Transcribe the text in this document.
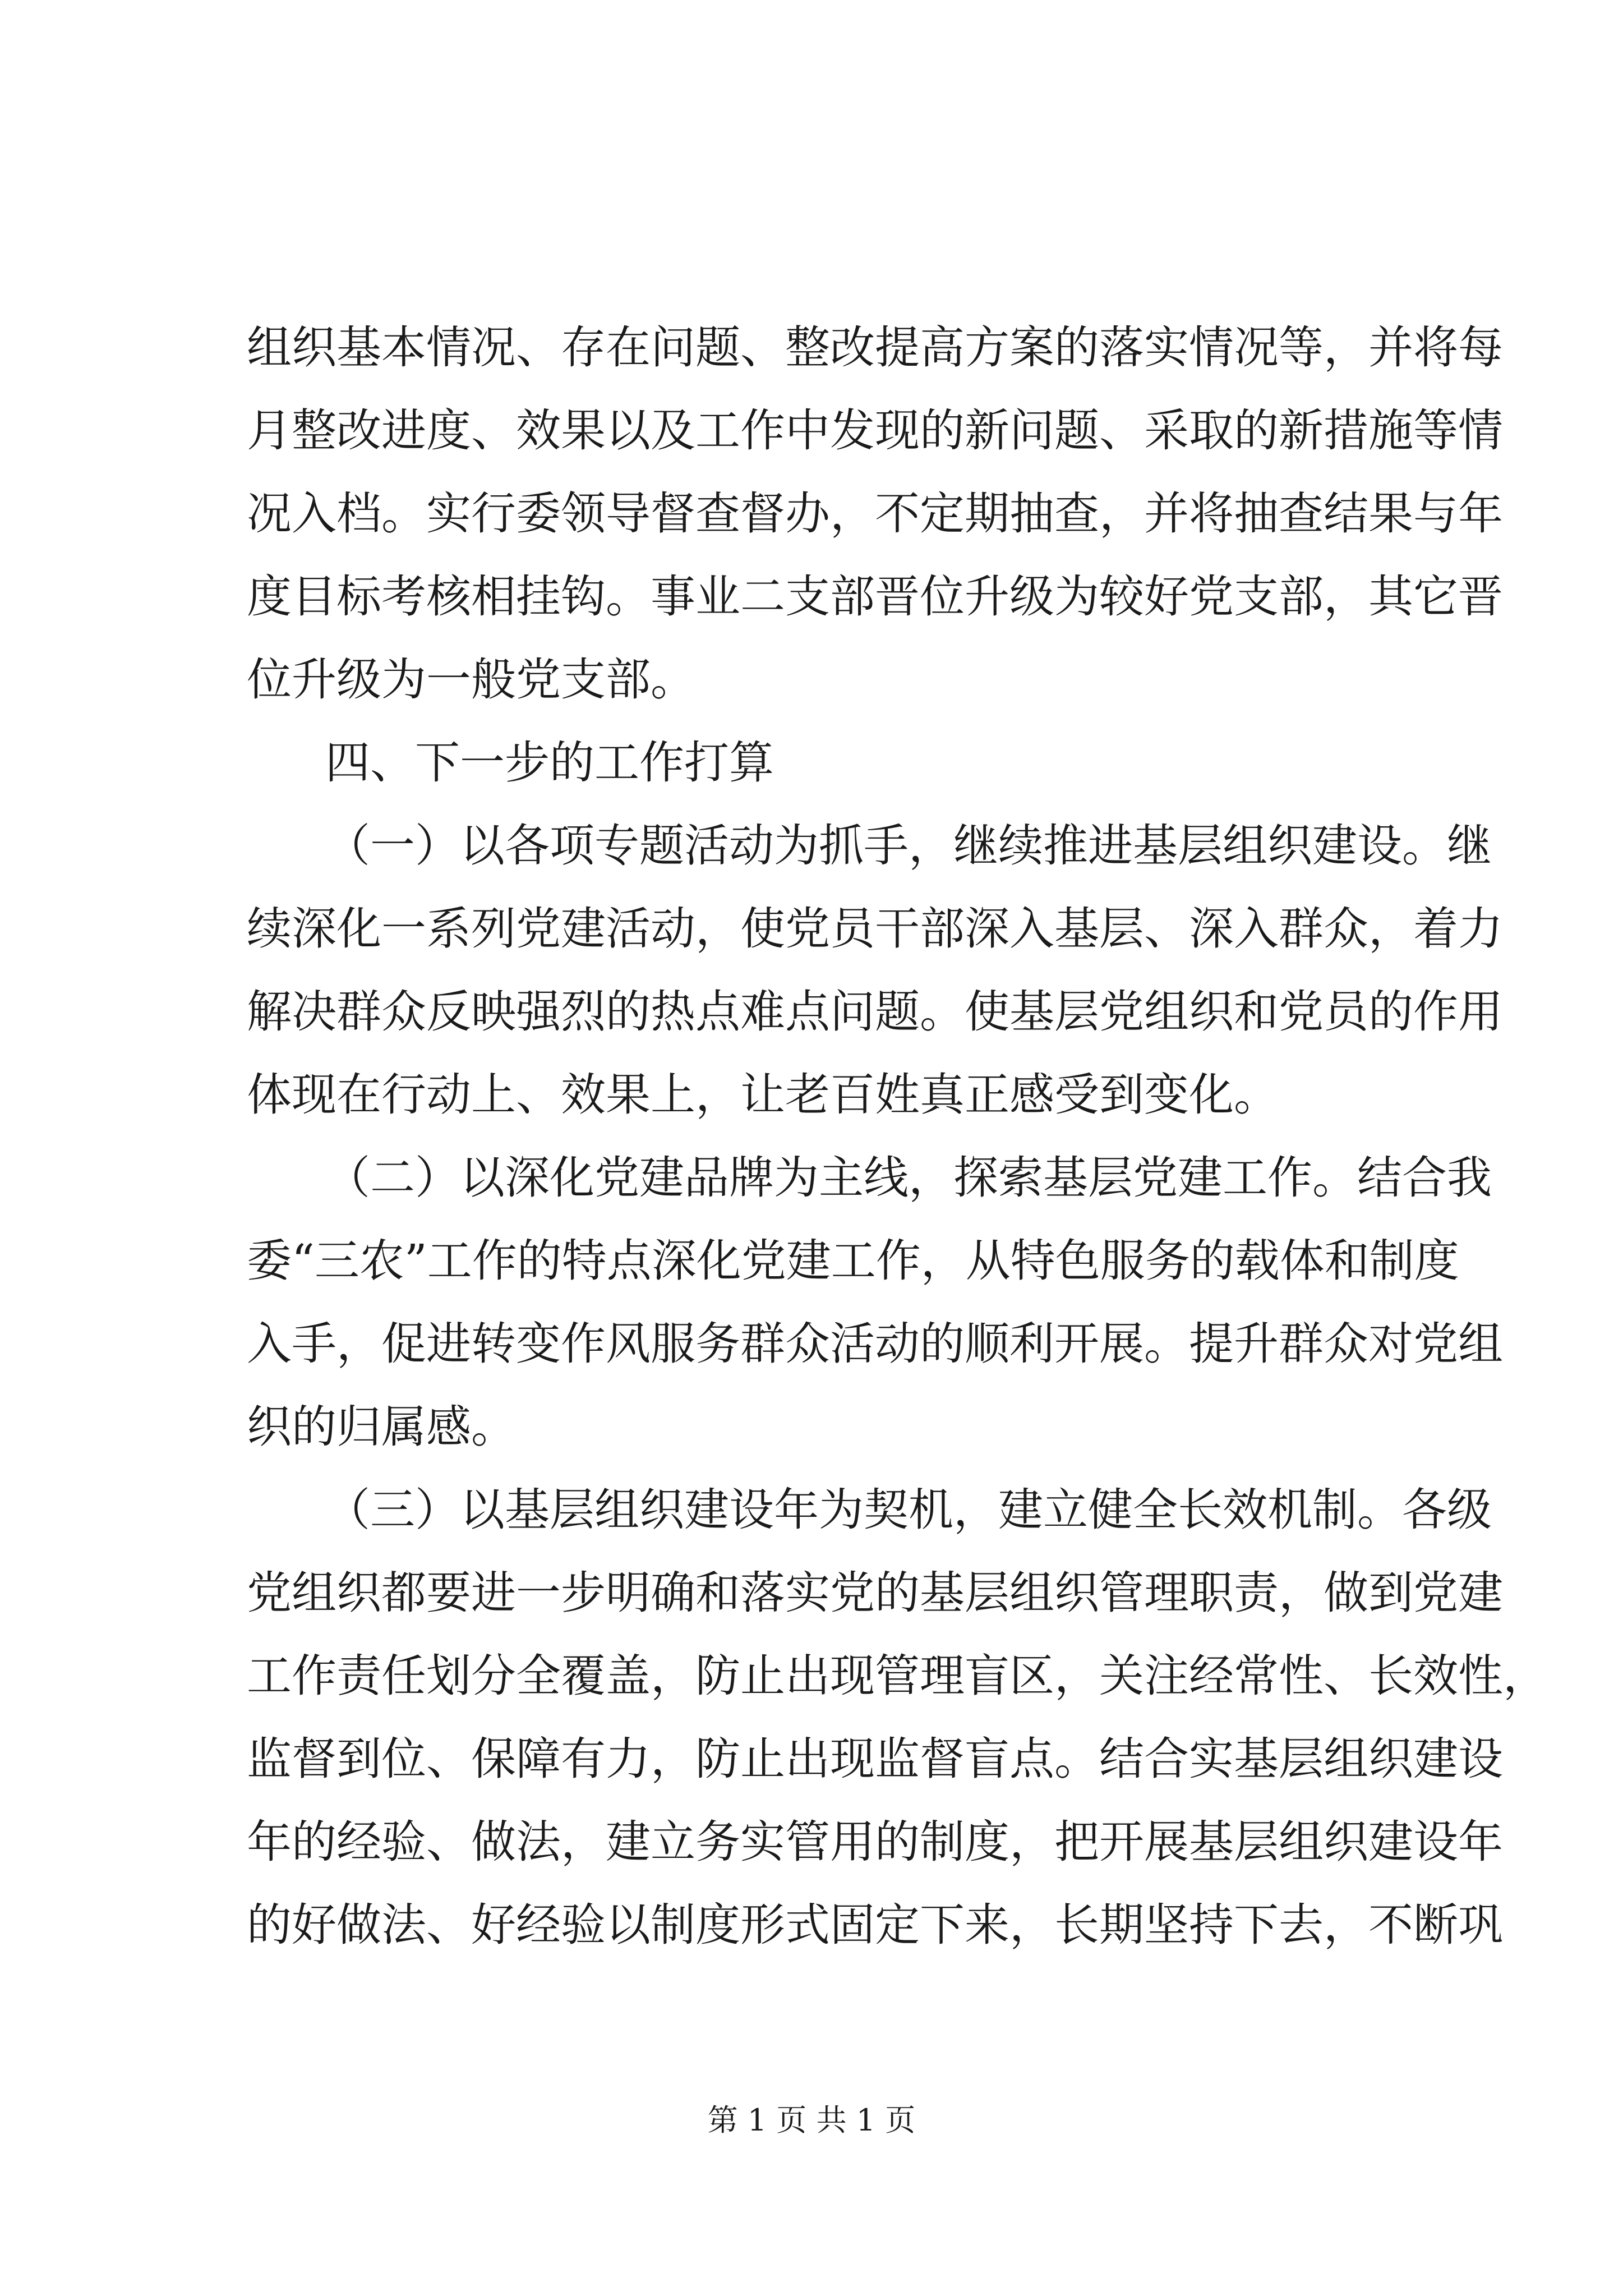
组织基本情况、存在问题、整改提高方案的落实情况等，并将每
月整改进度、效果以及工作中发现的新问题、采取的新措施等情
况入档。实行委领导督查督办，不定期抽查，并将抽查结果与年
度目标考核相挂钩。事业二支部晋位升级为较好党支部，其它晋
位升级为一般党支部。
四、下一步的工作打算
（一）以各项专题活动为抓手，继续推进基层组织建设。继
续深化一系列党建活动，使党员干部深入基层、深入群众，着力
解决群众反映强烈的热点难点问题。使基层党组织和党员的作用
体现在行动上、效果上，让老百姓真正感受到变化。
（二）以深化党建品牌为主线，探索基层党建工作。结合我
委“三农”工作的特点深化党建工作，从特色服务的载体和制度
入手，促进转变作风服务群众活动的顺利开展。提升群众对党组
织的归属感。
（三）以基层组织建设年为契机，建立健全长效机制。各级
党组织都要进一步明确和落实党的基层组织管理职责，做到党建
工作责任划分全覆盖，防止出现管理盲区，关注经常性、长效性，
监督到位、保障有力，防止出现监督盲点。结合实基层组织建设
年的经验、做法，建立务实管用的制度，把开展基层组织建设年
的好做法、好经验以制度形式固定下来，长期坚持下去，不断巩
第 1 页 共 1 页
